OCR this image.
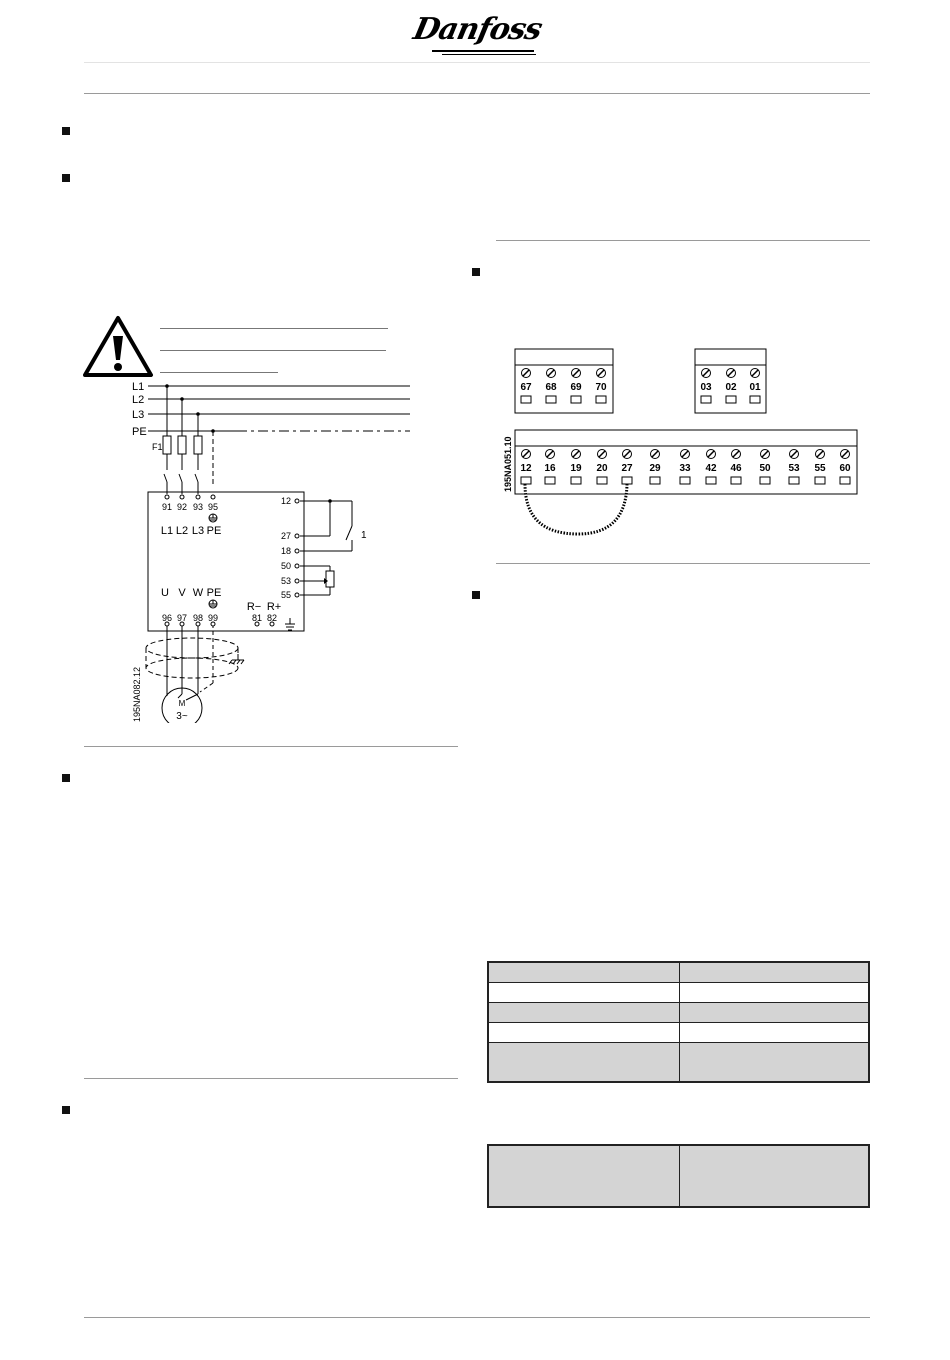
Danfoss
L1
L2
L3
PE
F1
91 92 93 95
L1 L2 L3 PE
12
27
18
50
53
55
1
U V W PE
R− R+
96 97 98 99	81 82
M
3~
195NA082.12
67 68 69 70	03 02 01
12 16 19 20 27 29 33 42 46 50 53 55 60
195NA051.10
